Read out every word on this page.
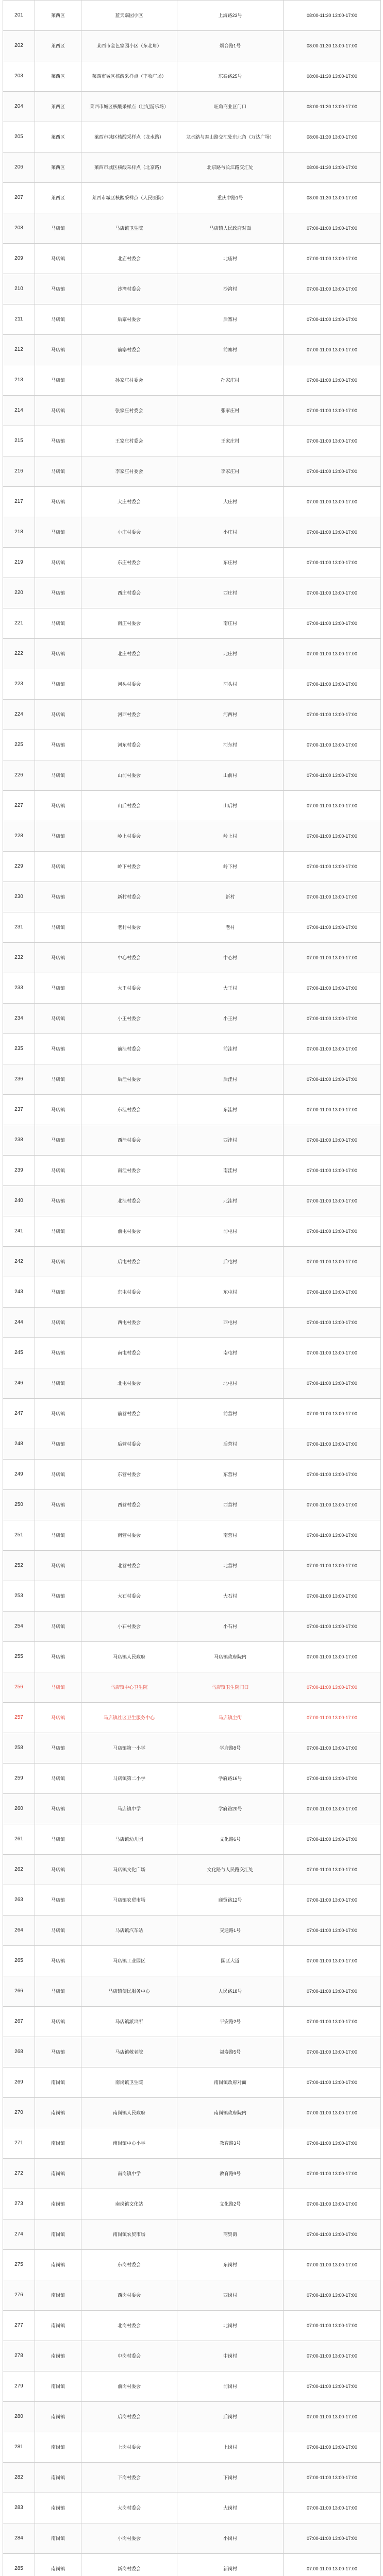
201	莱西区	蓝天嘉园小区	上海路23号	08:00-11:30 13:00-17:00
202	莱西区	莱西市金色家园小区（东北角）	烟台路1号	08:00-11:30 13:00-17:00
203	莱西区	莱西市城区核酸采样点（丰收广场）	东泰路25号	08:00-11:30 13:00-17:00
204	莱西区	莱西市城区核酸采样点（世纪游乐场）	旺角商业区门口	08:00-11:30 13:00-17:00
205	莱西区	莱西市城区核酸采样点（龙水路）	龙水路与泰山路交汇处东北角（万达广场）	08:00-11:30 13:00-17:00
206	莱西区	莱西市城区核酸采样点（北京路）	北京路与长江路交汇处	08:00-11:30 13:00-17:00
207	莱西区	莱西市城区核酸采样点（人民医院）	重庆中路1号	08:00-11:30 13:00-17:00
208	马店镇	马店镇卫生院	马店镇人民政府对面	07:00-11:00 13:00-17:00
209	马店镇	北庙村委会	北庙村	07:00-11:00 13:00-17:00
210	马店镇	沙湾村委会	沙湾村	07:00-11:00 13:00-17:00
211	马店镇	后寨村委会	后寨村	07:00-11:00 13:00-17:00
212	马店镇	前寨村委会	前寨村	07:00-11:00 13:00-17:00
213	马店镇	孙家庄村委会	孙家庄村	07:00-11:00 13:00-17:00
214	马店镇	张家庄村委会	张家庄村	07:00-11:00 13:00-17:00
215	马店镇	王家庄村委会	王家庄村	07:00-11:00 13:00-17:00
216	马店镇	李家庄村委会	李家庄村	07:00-11:00 13:00-17:00
217	马店镇	大庄村委会	大庄村	07:00-11:00 13:00-17:00
218	马店镇	小庄村委会	小庄村	07:00-11:00 13:00-17:00
219	马店镇	东庄村委会	东庄村	07:00-11:00 13:00-17:00
220	马店镇	西庄村委会	西庄村	07:00-11:00 13:00-17:00
221	马店镇	南庄村委会	南庄村	07:00-11:00 13:00-17:00
222	马店镇	北庄村委会	北庄村	07:00-11:00 13:00-17:00
223	马店镇	河头村委会	河头村	07:00-11:00 13:00-17:00
224	马店镇	河西村委会	河西村	07:00-11:00 13:00-17:00
225	马店镇	河东村委会	河东村	07:00-11:00 13:00-17:00
226	马店镇	山前村委会	山前村	07:00-11:00 13:00-17:00
227	马店镇	山后村委会	山后村	07:00-11:00 13:00-17:00
228	马店镇	岭上村委会	岭上村	07:00-11:00 13:00-17:00
229	马店镇	岭下村委会	岭下村	07:00-11:00 13:00-17:00
230	马店镇	新村村委会	新村	07:00-11:00 13:00-17:00
231	马店镇	老村村委会	老村	07:00-11:00 13:00-17:00
232	马店镇	中心村委会	中心村	07:00-11:00 13:00-17:00
233	马店镇	大王村委会	大王村	07:00-11:00 13:00-17:00
234	马店镇	小王村委会	小王村	07:00-11:00 13:00-17:00
235	马店镇	前洼村委会	前洼村	07:00-11:00 13:00-17:00
236	马店镇	后洼村委会	后洼村	07:00-11:00 13:00-17:00
237	马店镇	东洼村委会	东洼村	07:00-11:00 13:00-17:00
238	马店镇	西洼村委会	西洼村	07:00-11:00 13:00-17:00
239	马店镇	南洼村委会	南洼村	07:00-11:00 13:00-17:00
240	马店镇	北洼村委会	北洼村	07:00-11:00 13:00-17:00
241	马店镇	前屯村委会	前屯村	07:00-11:00 13:00-17:00
242	马店镇	后屯村委会	后屯村	07:00-11:00 13:00-17:00
243	马店镇	东屯村委会	东屯村	07:00-11:00 13:00-17:00
244	马店镇	西屯村委会	西屯村	07:00-11:00 13:00-17:00
245	马店镇	南屯村委会	南屯村	07:00-11:00 13:00-17:00
246	马店镇	北屯村委会	北屯村	07:00-11:00 13:00-17:00
247	马店镇	前营村委会	前营村	07:00-11:00 13:00-17:00
248	马店镇	后营村委会	后营村	07:00-11:00 13:00-17:00
249	马店镇	东营村委会	东营村	07:00-11:00 13:00-17:00
250	马店镇	西营村委会	西营村	07:00-11:00 13:00-17:00
251	马店镇	南营村委会	南营村	07:00-11:00 13:00-17:00
252	马店镇	北营村委会	北营村	07:00-11:00 13:00-17:00
253	马店镇	大石村委会	大石村	07:00-11:00 13:00-17:00
254	马店镇	小石村委会	小石村	07:00-11:00 13:00-17:00
255	马店镇	马店镇人民政府	马店镇政府院内	07:00-11:00 13:00-17:00
256	马店镇	马店镇中心卫生院	马店镇卫生院门口	07:00-11:00 13:00-17:00
257	马店镇	马店镇社区卫生服务中心	马店镇主街	07:00-11:00 13:00-17:00
258	马店镇	马店镇第一小学	学府路8号	07:00-11:00 13:00-17:00
259	马店镇	马店镇第二小学	学府路16号	07:00-11:00 13:00-17:00
260	马店镇	马店镇中学	学府路20号	07:00-11:00 13:00-17:00
261	马店镇	马店镇幼儿园	文化路6号	07:00-11:00 13:00-17:00
262	马店镇	马店镇文化广场	文化路与人民路交汇处	07:00-11:00 13:00-17:00
263	马店镇	马店镇农贸市场	商贸路12号	07:00-11:00 13:00-17:00
264	马店镇	马店镇汽车站	交通路1号	07:00-11:00 13:00-17:00
265	马店镇	马店镇工业园区	园区大道	07:00-11:00 13:00-17:00
266	马店镇	马店镇便民服务中心	人民路18号	07:00-11:00 13:00-17:00
267	马店镇	马店镇派出所	平安路2号	07:00-11:00 13:00-17:00
268	马店镇	马店镇敬老院	福寿路5号	07:00-11:00 13:00-17:00
269	南岗镇	南岗镇卫生院	南岗镇政府对面	07:00-11:00 13:00-17:00
270	南岗镇	南岗镇人民政府	南岗镇政府院内	07:00-11:00 13:00-17:00
271	南岗镇	南岗镇中心小学	教育路3号	07:00-11:00 13:00-17:00
272	南岗镇	南岗镇中学	教育路9号	07:00-11:00 13:00-17:00
273	南岗镇	南岗镇文化站	文化路2号	07:00-11:00 13:00-17:00
274	南岗镇	南岗镇农贸市场	商贸街	07:00-11:00 13:00-17:00
275	南岗镇	东岗村委会	东岗村	07:00-11:00 13:00-17:00
276	南岗镇	西岗村委会	西岗村	07:00-11:00 13:00-17:00
277	南岗镇	北岗村委会	北岗村	07:00-11:00 13:00-17:00
278	南岗镇	中岗村委会	中岗村	07:00-11:00 13:00-17:00
279	南岗镇	前岗村委会	前岗村	07:00-11:00 13:00-17:00
280	南岗镇	后岗村委会	后岗村	07:00-11:00 13:00-17:00
281	南岗镇	上岗村委会	上岗村	07:00-11:00 13:00-17:00
282	南岗镇	下岗村委会	下岗村	07:00-11:00 13:00-17:00
283	南岗镇	大岗村委会	大岗村	07:00-11:00 13:00-17:00
284	南岗镇	小岗村委会	小岗村	07:00-11:00 13:00-17:00
285	南岗镇	新岗村委会	新岗村	07:00-11:00 13:00-17:00
